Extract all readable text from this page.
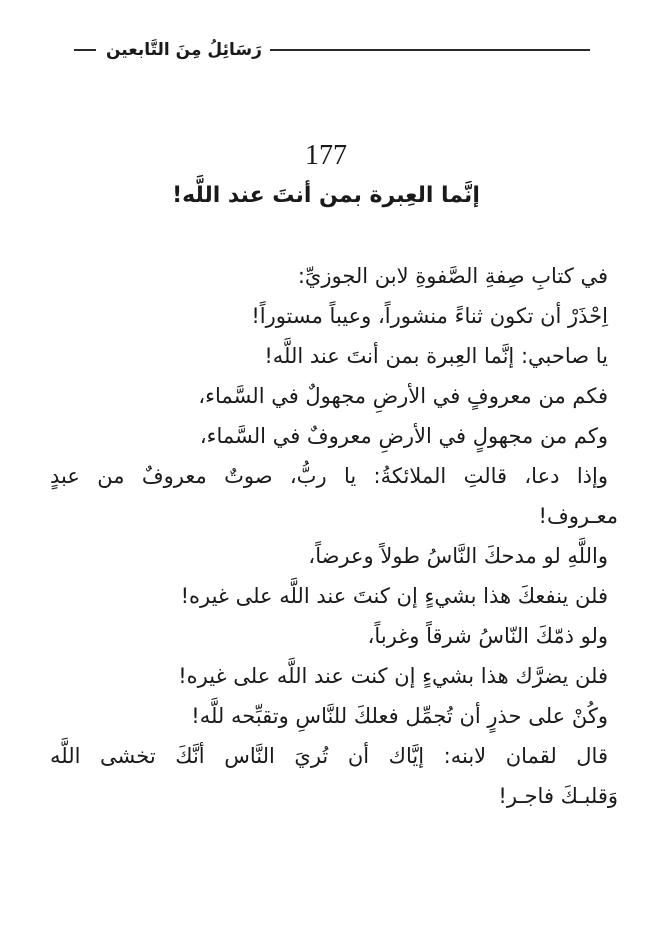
رَسَائِلُ مِنَ التَّابعين
177
إنَّما العِبرة بمن أنتَ عند اللَّه!

في كتابِ صِفةِ الصَّفوةِ لابن الجوزيِّ:

اِحْذَرْ أن تكون ثناءً منشوراً، وعيباً مستوراً!

يا صاحبي: إنَّما العِبرة بمن أنتَ عند اللَّه!

فكم من معروفٍ في الأرضِ مجهولٌ في السَّماء،

وكم من مجهولٍ في الأرضِ معروفٌ في السَّماء،

وإذا دعا، قالتِ الملائكةُ: يا ربُّ، صوتٌ معروفٌ من عبدٍ

معـروف!

واللَّهِ لو مدحكَ النَّاسُ طولاً وعرضاً،

فلن ينفعكَ هذا بشيءٍ إن كنتَ عند اللَّه على غيره!

ولو ذمّكَ النّاسُ شرقاً وغرباً،

فلن يضرَّك هذا بشيءٍ إن كنت عند اللَّه على غيره!

وكُنْ على حذرٍ أن تُجمِّل فعلكَ للنَّاسِ وتقبِّحه للَّه!

قال لقمان لابنه: إيَّاك أن تُريَ النَّاس أنَّكَ تخشى اللَّه

وَقلبـكَ فاجـر!
